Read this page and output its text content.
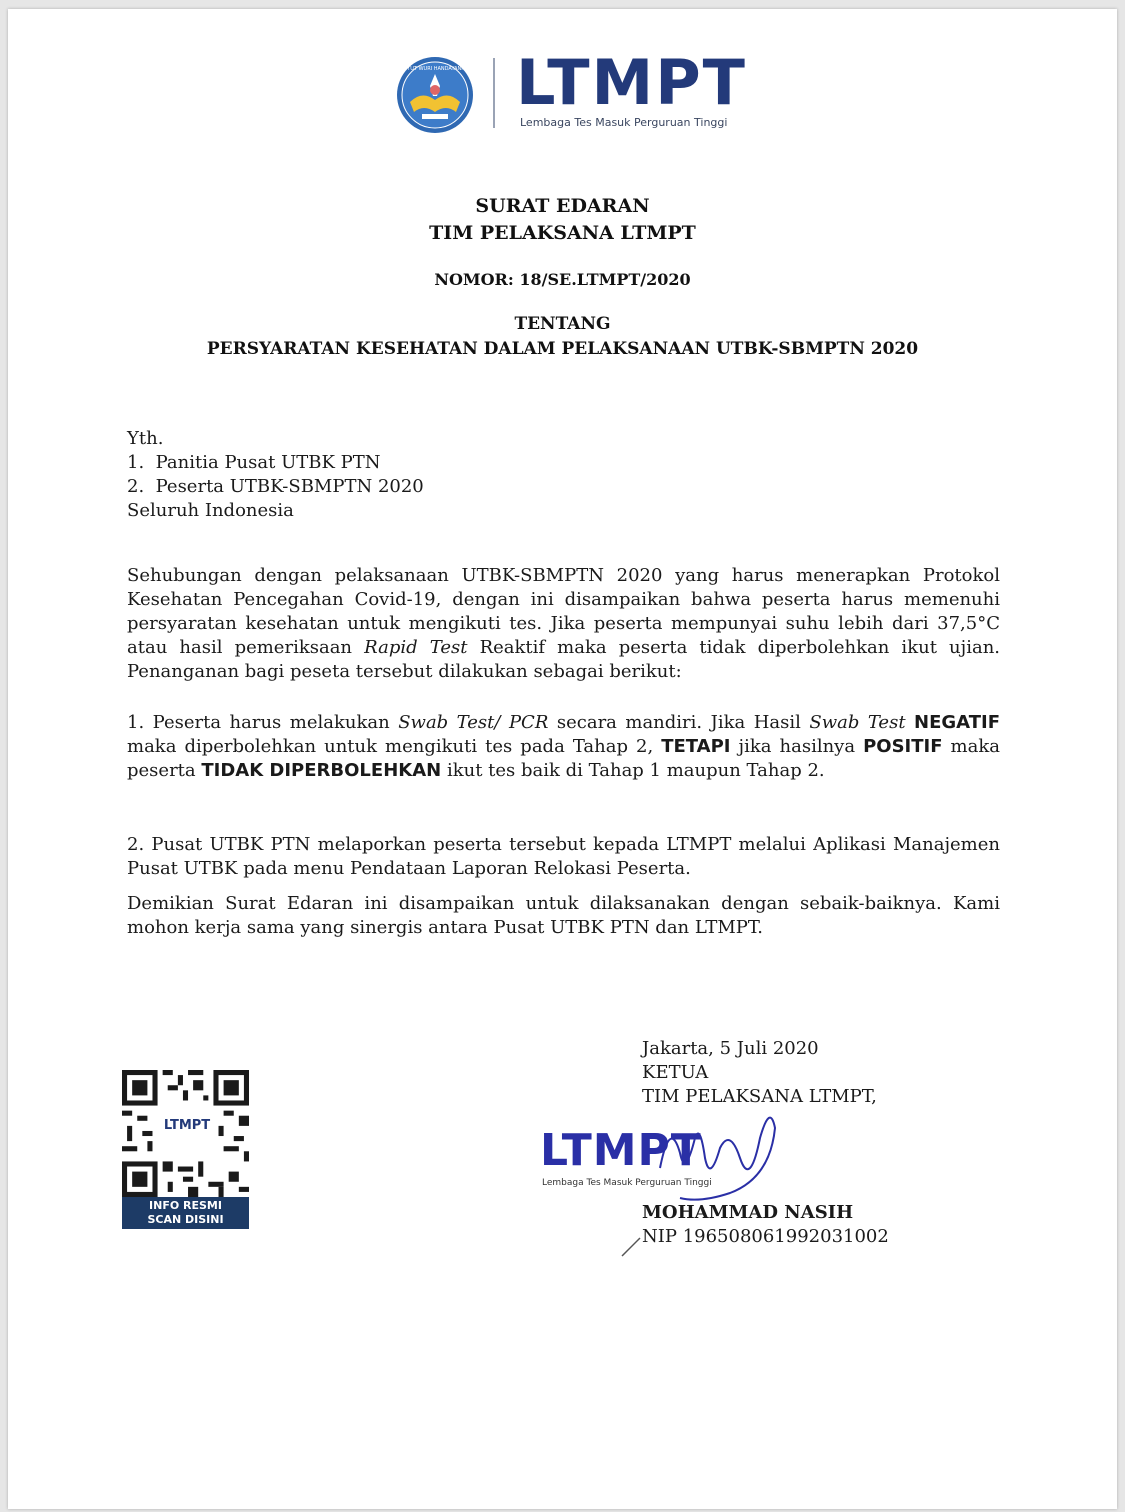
TUT WURI HANDAYANI LTMPT
Lembaga Tes Masuk Perguruan Tinggi
SURAT EDARAN
TIM PELAKSANA LTMPT
NOMOR: 18/SE.LTMPT/2020
TENTANG
PERSYARATAN KESEHATAN DALAM PELAKSANAAN UTBK-SBMPTN 2020
Yth.
1.  Panitia Pusat UTBK PTN
2.  Peserta UTBK-SBMPTN 2020
Seluruh Indonesia
Sehubungan dengan pelaksanaan UTBK-SBMPTN 2020 yang harus menerapkan Protokol Kesehatan Pencegahan Covid-19, dengan ini disampaikan bahwa peserta harus memenuhi persyaratan kesehatan untuk mengikuti tes. Jika peserta mempunyai suhu lebih dari 37,5°C atau hasil pemeriksaan Rapid Test Reaktif maka peserta tidak diperbolehkan ikut ujian. Penanganan bagi peseta tersebut dilakukan sebagai berikut:
1. Peserta harus melakukan Swab Test/ PCR secara mandiri. Jika Hasil Swab Test NEGATIF maka diperbolehkan untuk mengikuti tes pada Tahap 2, TETAPI jika hasilnya POSITIF maka peserta TIDAK DIPERBOLEHKAN ikut tes baik di Tahap 1 maupun Tahap 2.
2. Pusat UTBK PTN melaporkan peserta tersebut kepada LTMPT melalui Aplikasi Manajemen Pusat UTBK pada menu Pendataan Laporan Relokasi Peserta.
Demikian Surat Edaran ini disampaikan untuk dilaksanakan dengan sebaik-baiknya. Kami mohon kerja sama yang sinergis antara Pusat UTBK PTN dan LTMPT.
LTMPT
INFO RESMI
SCAN DISINI
Jakarta, 5 Juli 2020
KETUA
TIM PELAKSANA LTMPT,
LTMPT
Lembaga Tes Masuk Perguruan Tinggi
MOHAMMAD NASIH
NIP 196508061992031002
